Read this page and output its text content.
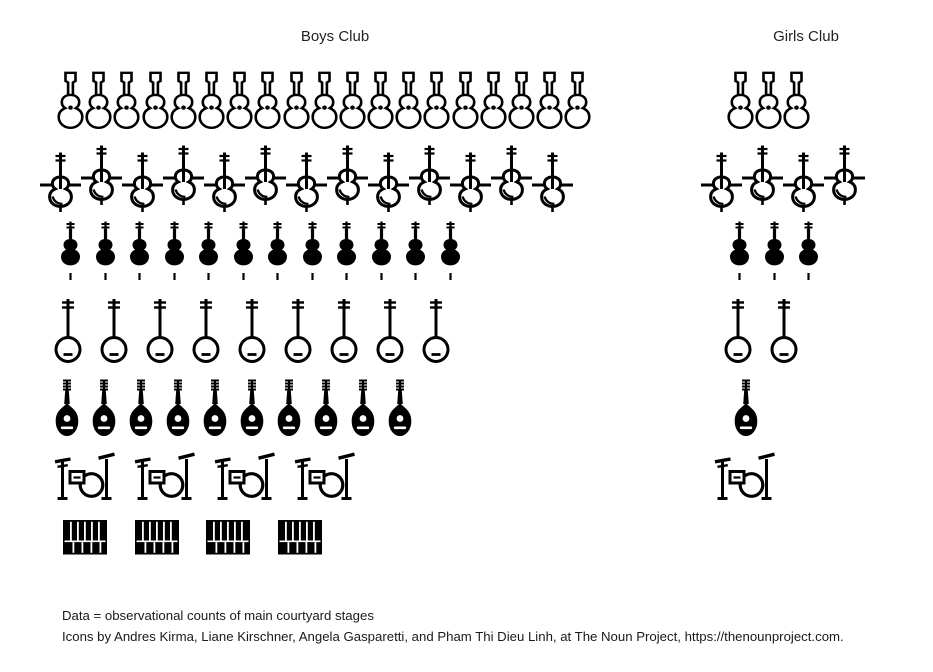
Boys Club	Girls Club
Data = observational counts of main courtyard stages
Icons by Andres Kirma, Liane Kirschner, Angela Gasparetti, and Pham Thi Dieu Linh, at The Noun Project, https://thenounproject.com.
